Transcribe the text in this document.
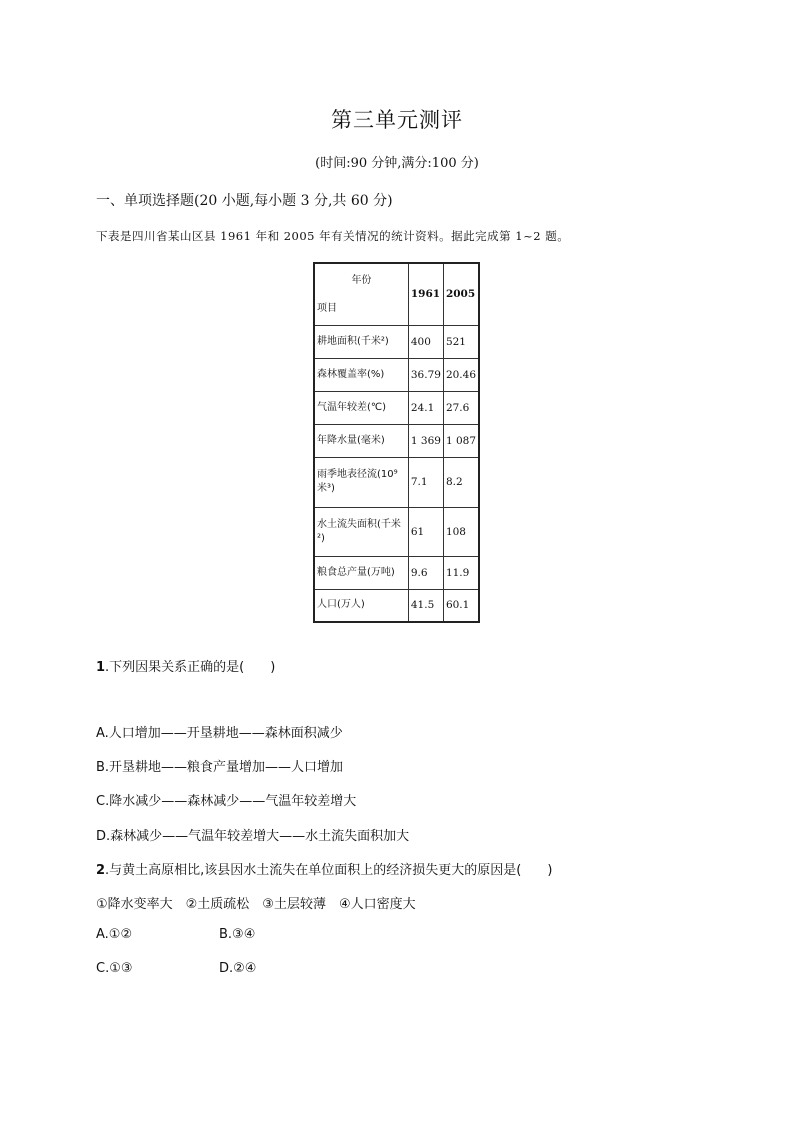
第三单元测评
(时间:90 分钟,满分:100 分)
一、单项选择题(20 小题,每小题 3 分,共 60 分)
下表是四川省某山区县 1961 年和 2005 年有关情况的统计资料。据此完成第 1~2 题。
年份
项目	1961	2005
耕地面积(千米²)	400	521
森林覆盖率(%)	36.79	20.46
气温年较差(℃)	24.1	27.6
年降水量(毫米)	1 369	1 087
雨季地表径流(10⁹米³)	7.1	8.2
水土流失面积(千米²)	61	108
粮食总产量(万吨)	9.6	11.9
人口(万人)	41.5	60.1
1.下列因果关系正确的是(　　)
A.人口增加——开垦耕地——森林面积减少
B.开垦耕地——粮食产量增加——人口增加
C.降水减少——森林减少——气温年较差增大
D.森林减少——气温年较差增大——水土流失面积加大
2.与黄土高原相比,该县因水土流失在单位面积上的经济损失更大的原因是(　　)
①降水变率大　②土质疏松　③土层较薄　④人口密度大
A.①②	B.③④
C.①③	D.②④
